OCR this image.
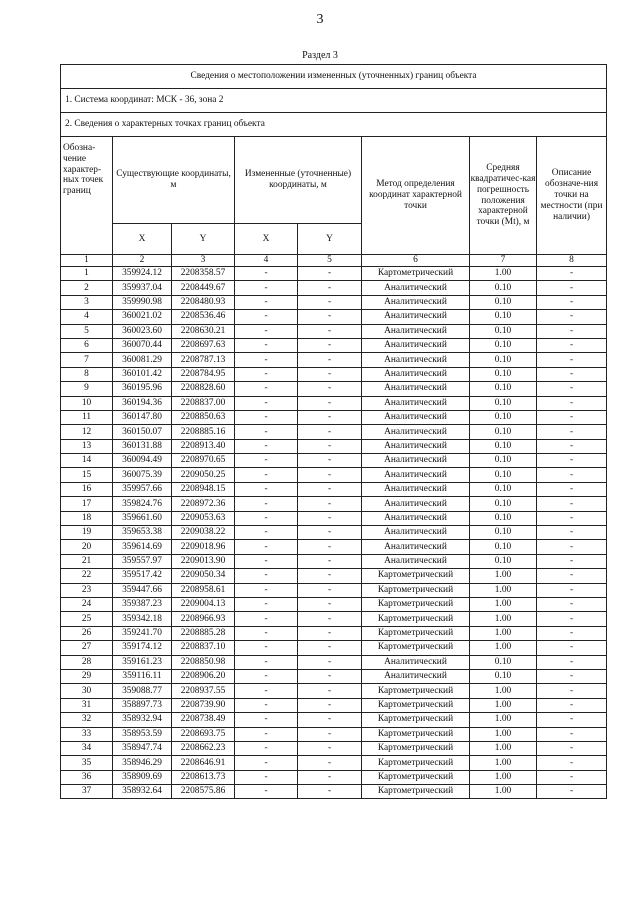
3
Раздел 3
Сведения о местоположении измененных (уточненных) границ объекта							
1. Система координат: МСК - 36, зона 2							
2. Сведения о характерных точках границ объекта							
Обозна-чение характер-ных точек границ	Существующие координаты, м		Измененные (уточненные) координаты, м		Метод определения координат характерной точки	Средняя квадратичес-кая погрешность положения характерной точки (Mt), м	Описание обозначе-ния точки на местности (при наличии)
	X	Y	X	Y			
1	2	3	4	5	6	7	8
1	359924.12	2208358.57	-	-	Картометрический	1.00	-
2	359937.04	2208449.67	-	-	Аналитический	0.10	-
3	359990.98	2208480.93	-	-	Аналитический	0.10	-
4	360021.02	2208536.46	-	-	Аналитический	0.10	-
5	360023.60	2208630.21	-	-	Аналитический	0.10	-
6	360070.44	2208697.63	-	-	Аналитический	0.10	-
7	360081.29	2208787.13	-	-	Аналитический	0.10	-
8	360101.42	2208784.95	-	-	Аналитический	0.10	-
9	360195.96	2208828.60	-	-	Аналитический	0.10	-
10	360194.36	2208837.00	-	-	Аналитический	0.10	-
11	360147.80	2208850.63	-	-	Аналитический	0.10	-
12	360150.07	2208885.16	-	-	Аналитический	0.10	-
13	360131.88	2208913.40	-	-	Аналитический	0.10	-
14	360094.49	2208970.65	-	-	Аналитический	0.10	-
15	360075.39	2209050.25	-	-	Аналитический	0.10	-
16	359957.66	2208948.15	-	-	Аналитический	0.10	-
17	359824.76	2208972.36	-	-	Аналитический	0.10	-
18	359661.60	2209053.63	-	-	Аналитический	0.10	-
19	359653.38	2209038.22	-	-	Аналитический	0.10	-
20	359614.69	2209018.96	-	-	Аналитический	0.10	-
21	359557.97	2209013.90	-	-	Аналитический	0.10	-
22	359517.42	2209050.34	-	-	Картометрический	1.00	-
23	359447.66	2208958.61	-	-	Картометрический	1.00	-
24	359387.23	2209004.13	-	-	Картометрический	1.00	-
25	359342.18	2208966.93	-	-	Картометрический	1.00	-
26	359241.70	2208885.28	-	-	Картометрический	1.00	-
27	359174.12	2208837.10	-	-	Картометрический	1.00	-
28	359161.23	2208850.98	-	-	Аналитический	0.10	-
29	359116.11	2208906.20	-	-	Аналитический	0.10	-
30	359088.77	2208937.55	-	-	Картометрический	1.00	-
31	358897.73	2208739.90	-	-	Картометрический	1.00	-
32	358932.94	2208738.49	-	-	Картометрический	1.00	-
33	358953.59	2208693.75	-	-	Картометрический	1.00	-
34	358947.74	2208662.23	-	-	Картометрический	1.00	-
35	358946.29	2208646.91	-	-	Картометрический	1.00	-
36	358909.69	2208613.73	-	-	Картометрический	1.00	-
37	358932.64	2208575.86	-	-	Картометрический	1.00	-
